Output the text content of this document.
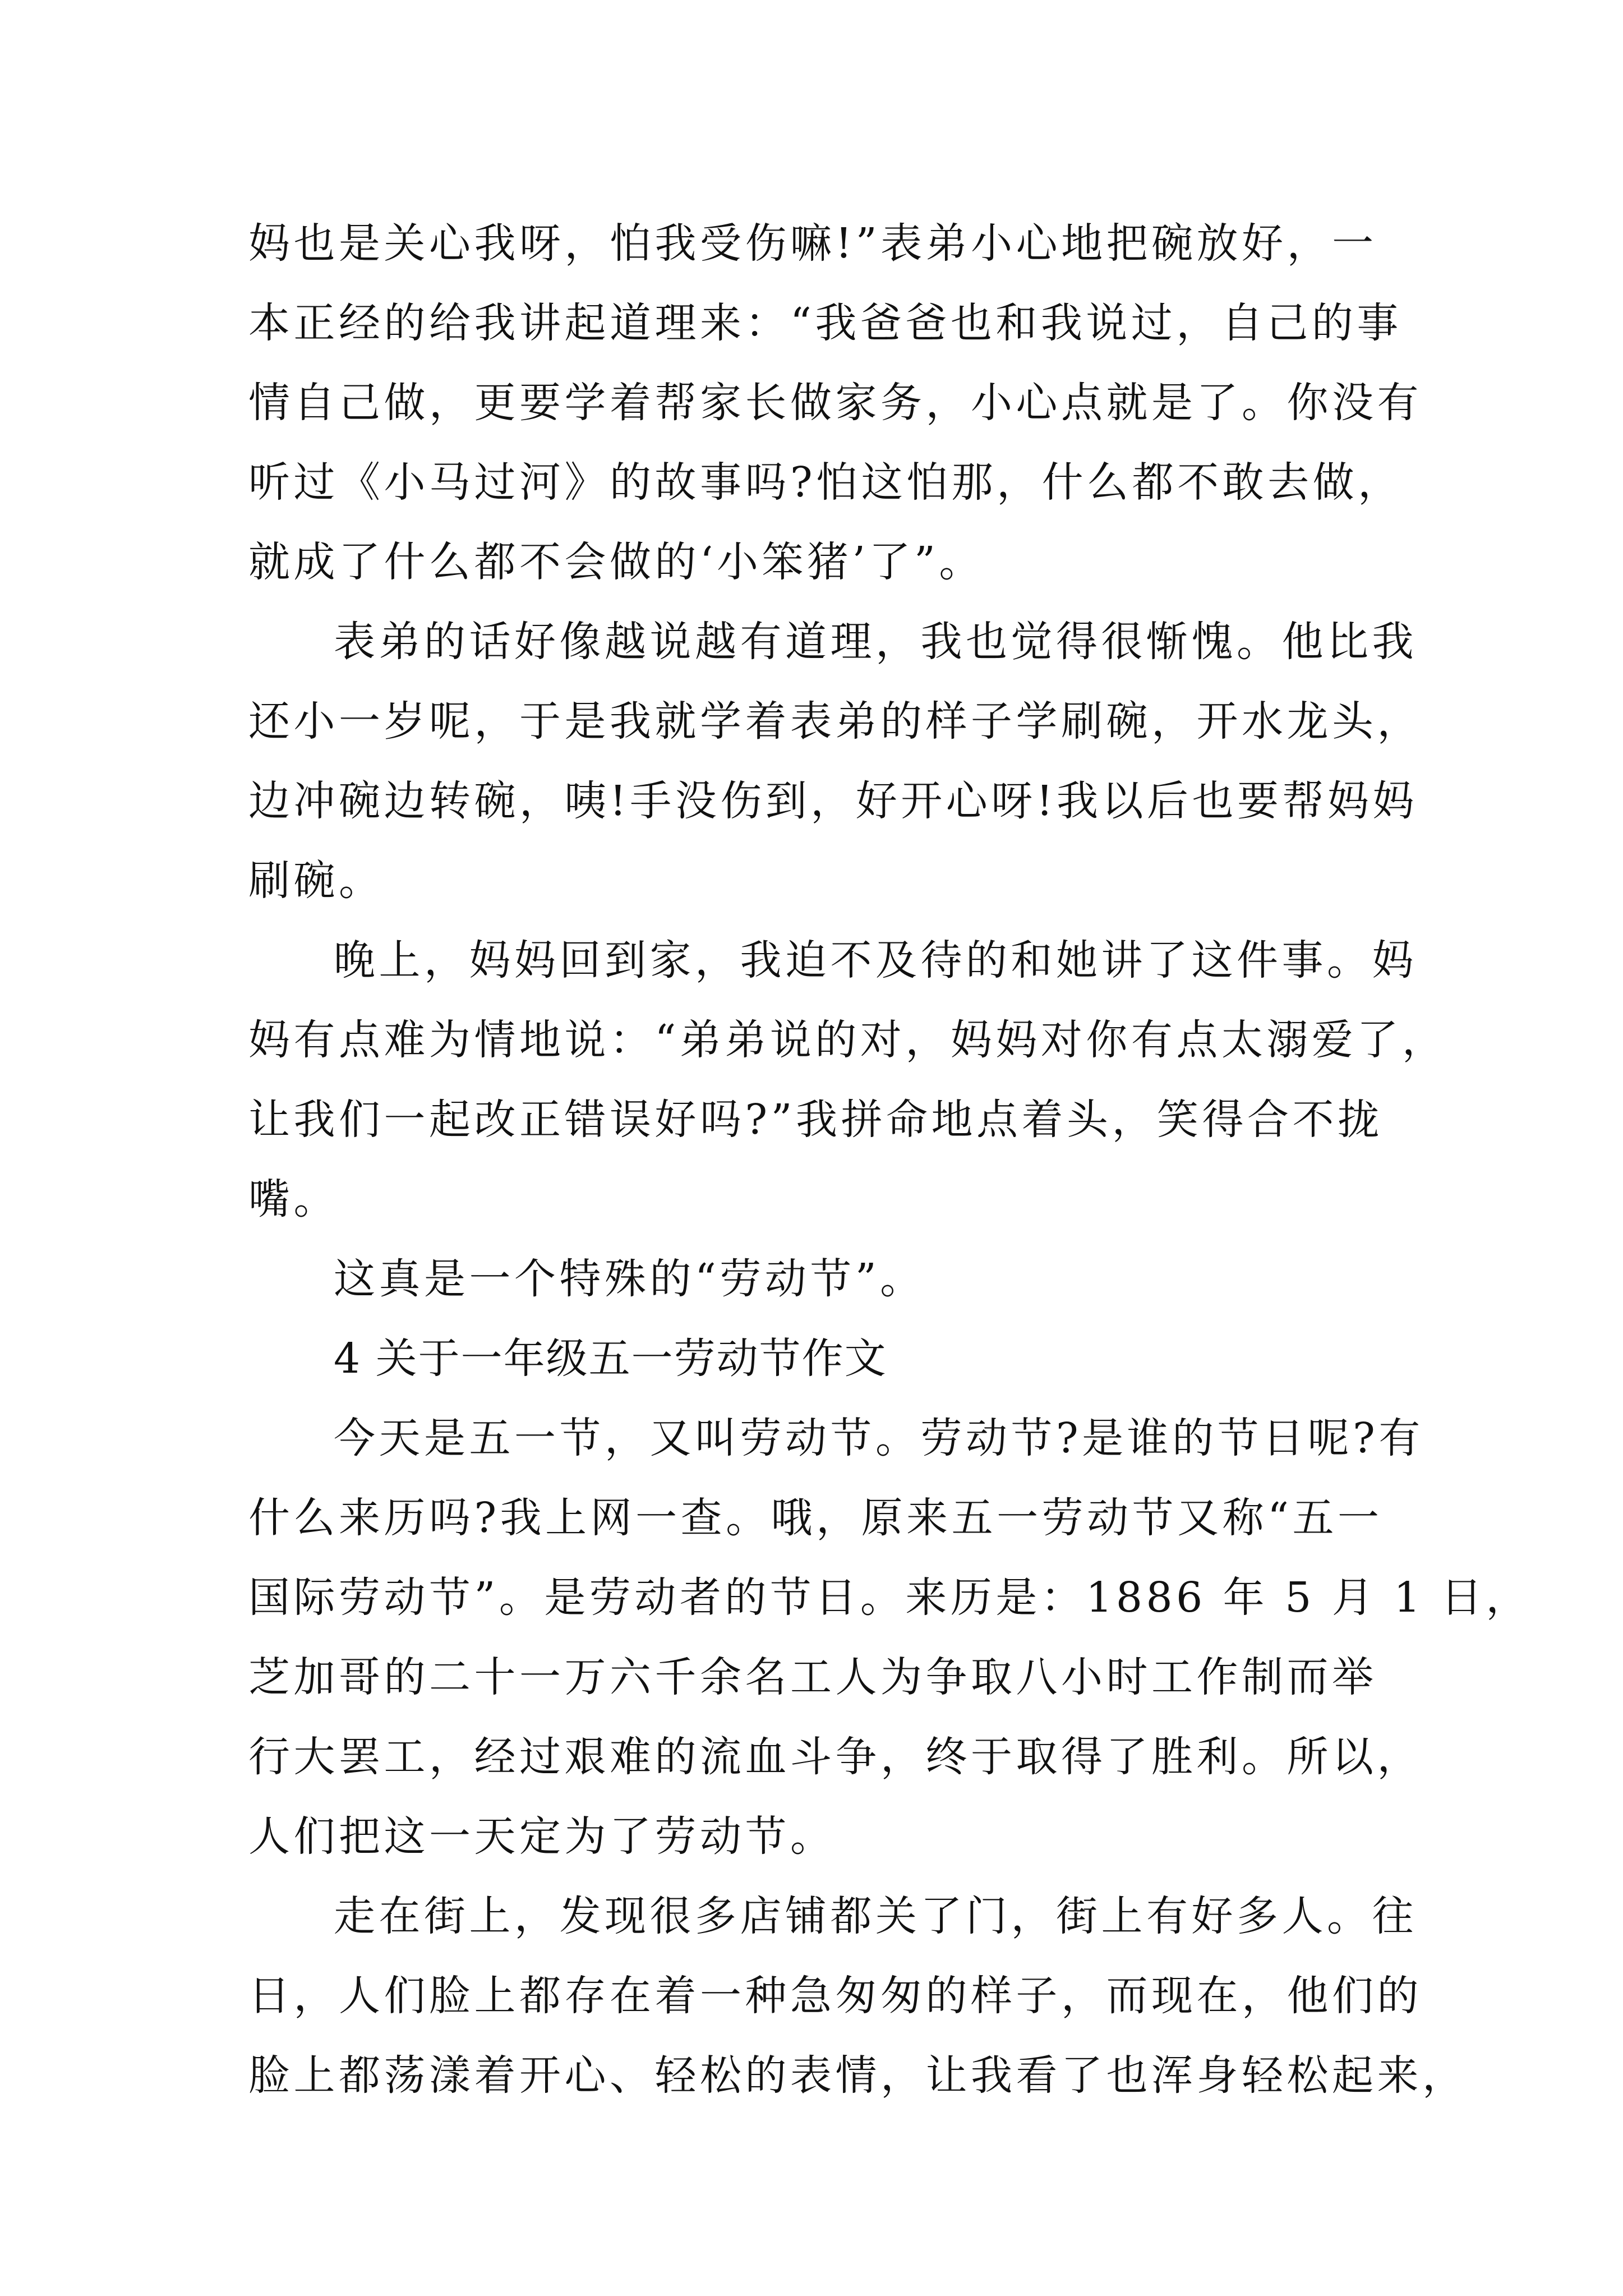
妈也是关心我呀，怕我受伤嘛!”表弟小心地把碗放好，一

本正经的给我讲起道理来：“我爸爸也和我说过，自己的事

情自己做，更要学着帮家长做家务，小心点就是了。你没有

听过《小马过河》的故事吗?怕这怕那，什么都不敢去做，

就成了什么都不会做的‘小笨猪’了”。

表弟的话好像越说越有道理，我也觉得很惭愧。他比我

还小一岁呢，于是我就学着表弟的样子学刷碗，开水龙头，

边冲碗边转碗，咦!手没伤到，好开心呀!我以后也要帮妈妈

刷碗。

晚上，妈妈回到家，我迫不及待的和她讲了这件事。妈

妈有点难为情地说：“弟弟说的对，妈妈对你有点太溺爱了，

让我们一起改正错误好吗?”我拼命地点着头，笑得合不拢

嘴。

这真是一个特殊的“劳动节”。

4 关于一年级五一劳动节作文

今天是五一节，又叫劳动节。劳动节?是谁的节日呢?有

什么来历吗?我上网一查。哦，原来五一劳动节又称“五一

国际劳动节”。是劳动者的节日。来历是：1886 年 5 月 1 日，

芝加哥的二十一万六千余名工人为争取八小时工作制而举

行大罢工，经过艰难的流血斗争，终于取得了胜利。所以，

人们把这一天定为了劳动节。

走在街上，发现很多店铺都关了门，街上有好多人。往

日，人们脸上都存在着一种急匆匆的样子，而现在，他们的

脸上都荡漾着开心、轻松的表情，让我看了也浑身轻松起来，
